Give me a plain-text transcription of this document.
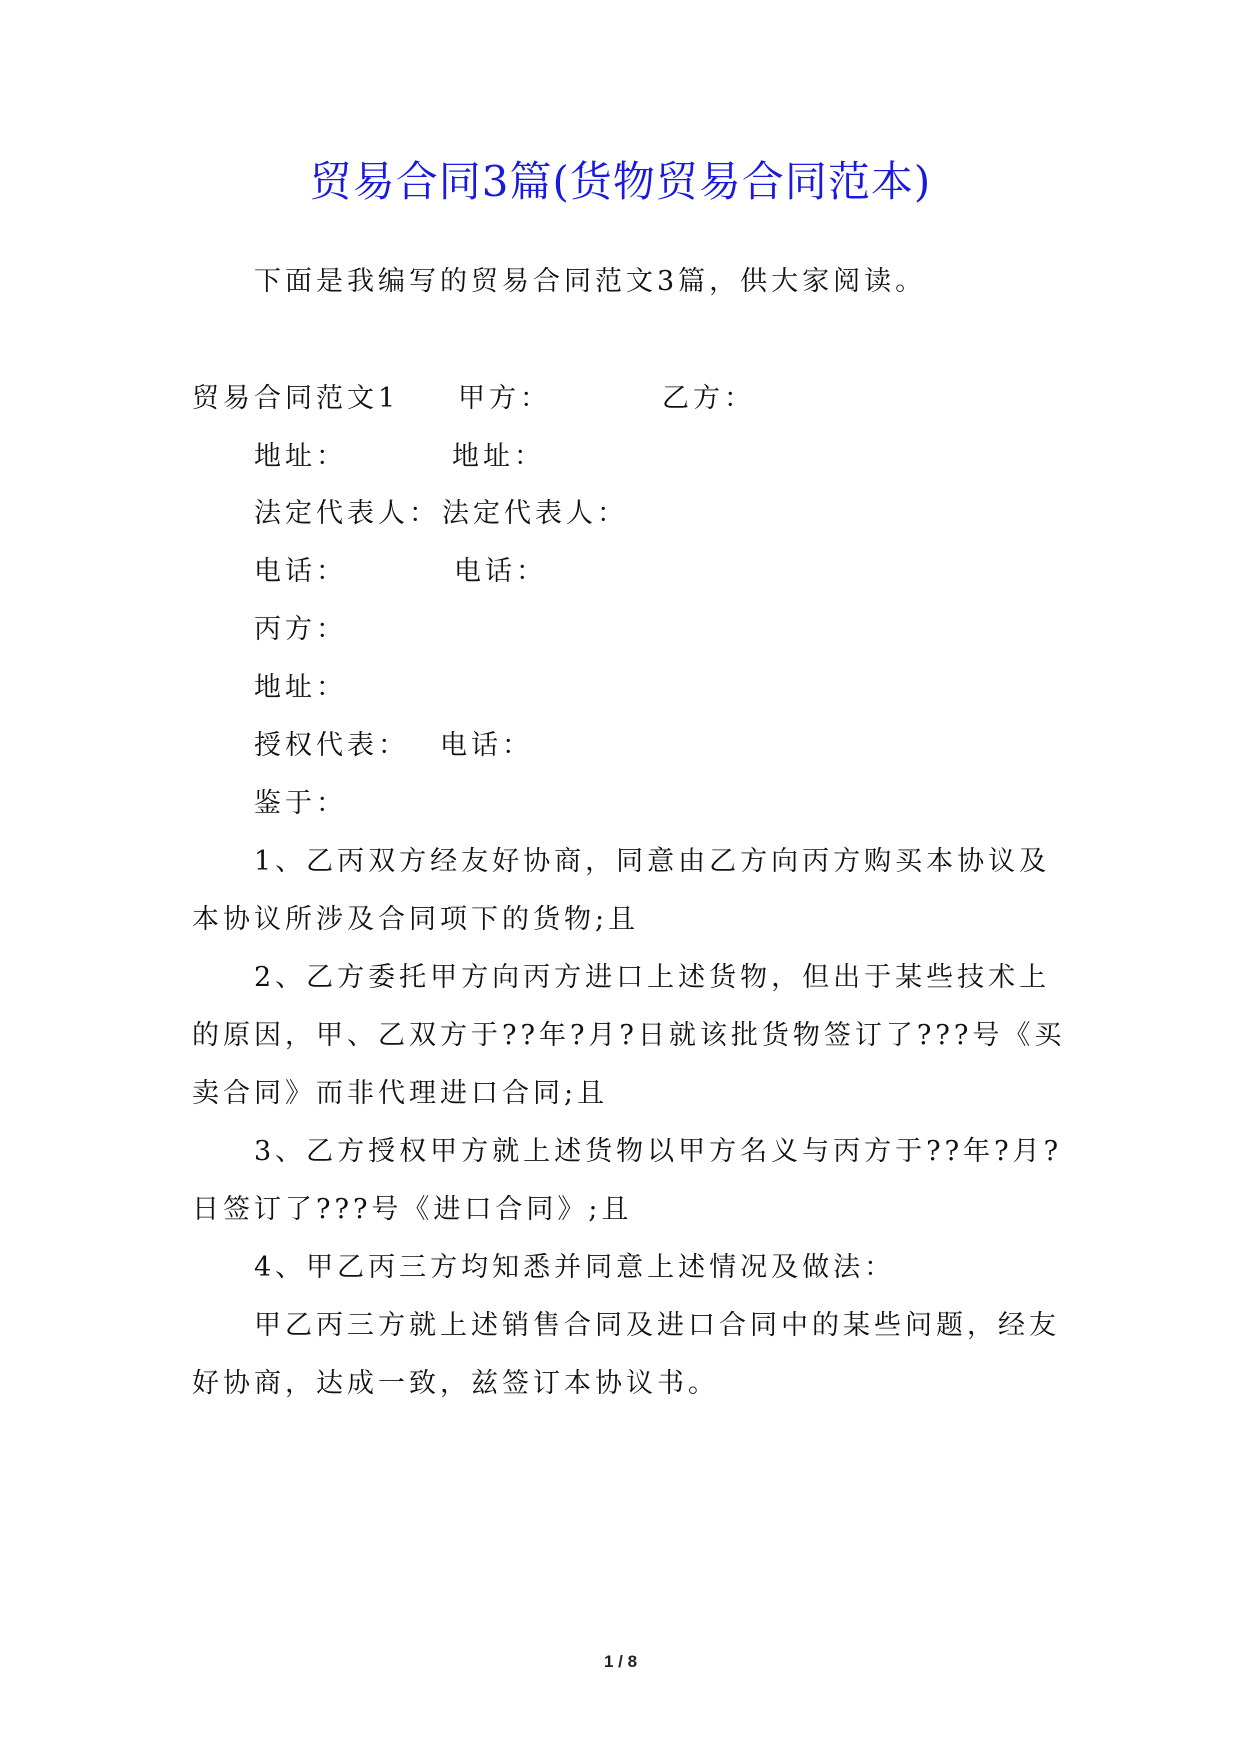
贸易合同3篇(货物贸易合同范本)
下面是我编写的贸易合同范文3篇，供大家阅读。
贸易合同范文1 甲方：	乙方：
地址：	地址：
法定代表人： 法定代表人：
电话：	电话：
丙方：
地址：
授权代表： 电话：
鉴于：
1、乙丙双方经友好协商，同意由乙方向丙方购买本协议及
本协议所涉及合同项下的货物;且
2、乙方委托甲方向丙方进口上述货物，但出于某些技术上
的原因，甲、乙双方于??年?月?日就该批货物签订了???号《买
卖合同》而非代理进口合同;且
3、乙方授权甲方就上述货物以甲方名义与丙方于??年?月?
日签订了???号《进口合同》;且
4、甲乙丙三方均知悉并同意上述情况及做法：
甲乙丙三方就上述销售合同及进口合同中的某些问题，经友
好协商，达成一致，兹签订本协议书。
1 / 8
